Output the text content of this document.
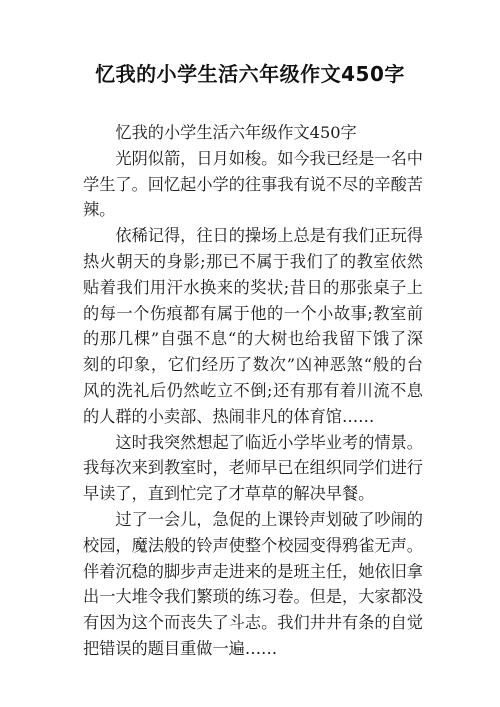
忆我的小学生活六年级作文450字

忆我的小学生活六年级作文450字

光阴似箭，日月如梭。如今我已经是一名中学生了。回忆起小学的往事我有说不尽的辛酸苦辣。

依稀记得，往日的操场上总是有我们正玩得热火朝天的身影;那已不属于我们了的教室依然贴着我们用汗水换来的奖状;昔日的那张桌子上的每一个伤痕都有属于他的一个小故事;教室前的那几棵”自强不息“的大树也给我留下饿了深刻的印象，它们经历了数次”凶神恶煞“般的台风的洗礼后仍然屹立不倒;还有那有着川流不息的人群的小卖部、热闹非凡的体育馆……

这时我突然想起了临近小学毕业考的情景。我每次来到教室时，老师早已在组织同学们进行早读了，直到忙完了才草草的解决早餐。

过了一会儿，急促的上课铃声划破了吵闹的校园，魔法般的铃声使整个校园变得鸦雀无声。伴着沉稳的脚步声走进来的是班主任，她依旧拿出一大堆令我们繁琐的练习卷。但是，大家都没有因为这个而丧失了斗志。我们井井有条的自觉把错误的题目重做一遍……
